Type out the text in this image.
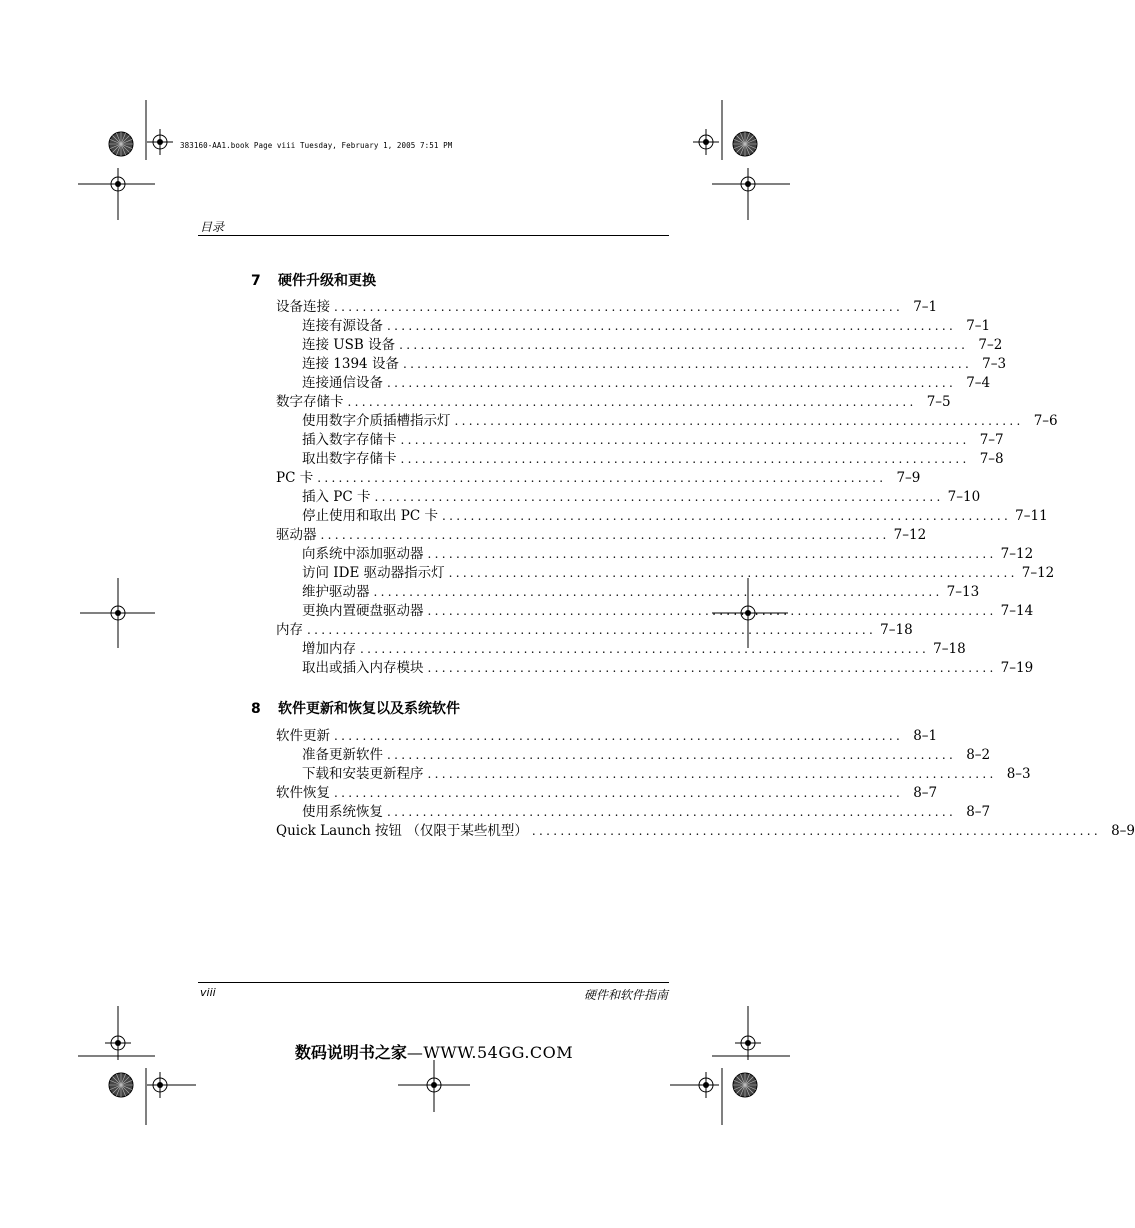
383160-AA1.book Page viii Tuesday, February 1, 2005 7:51 PM
目录
7 硬件升级和更换
设备连接 ................................................................................ 7–1
连接有源设备 ................................................................................ 7–1
连接 USB 设备 ................................................................................ 7–2
连接 1394 设备 ................................................................................ 7–3
连接通信设备 ................................................................................ 7–4
数字存储卡 ................................................................................ 7–5
使用数字介质插槽指示灯 ................................................................................ 7–6
插入数字存储卡 ................................................................................ 7–7
取出数字存储卡 ................................................................................ 7–8
PC 卡 ................................................................................ 7–9
插入 PC 卡 ................................................................................ 7–10
停止使用和取出 PC 卡 ................................................................................ 7–11
驱动器 ................................................................................ 7–12
向系统中添加驱动器 ................................................................................ 7–12
访问 IDE 驱动器指示灯 ................................................................................ 7–12
维护驱动器 ................................................................................ 7–13
更换内置硬盘驱动器 ................................................................................ 7–14
内存 ................................................................................ 7–18
增加内存 ................................................................................ 7–18
取出或插入内存模块 ................................................................................ 7–19
8 软件更新和恢复以及系统软件
软件更新 ................................................................................ 8–1
准备更新软件 ................................................................................ 8–2
下载和安装更新程序 ................................................................................ 8–3
软件恢复 ................................................................................ 8–7
使用系统恢复 ................................................................................ 8–7
Quick Launch 按钮 （仅限于某些机型） ................................................................................ 8–9
viii	硬件和软件指南
数码说明书之家—WWW.54GG.COM
